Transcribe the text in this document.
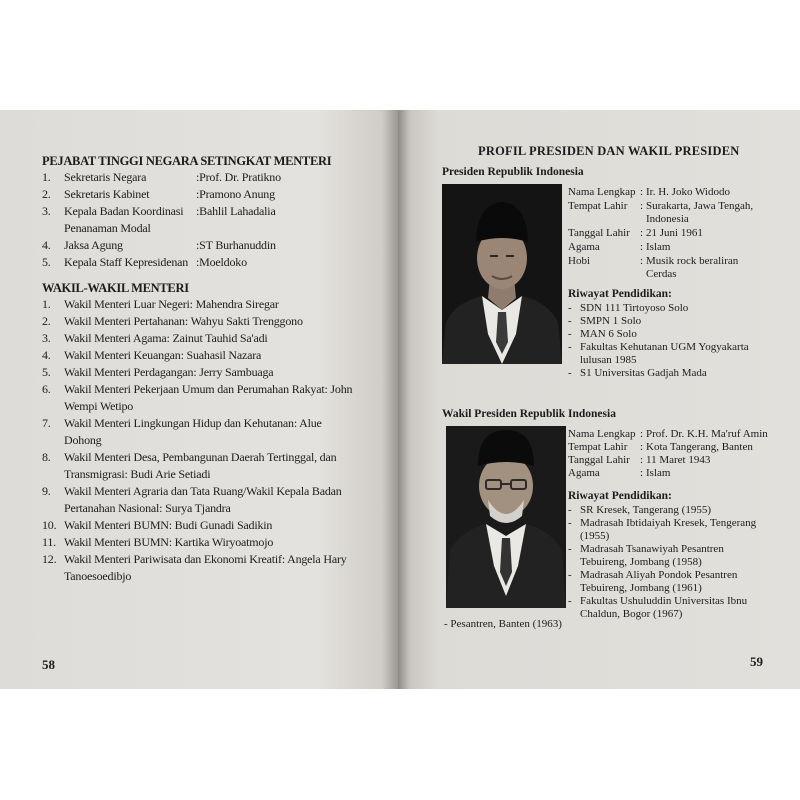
PEJABAT TINGGI NEGARA SETINGKAT MENTERI
1. Sekretaris Negara	:Prof. Dr. Pratikno
2. Sekretaris Kabinet	:Pramono Anung
3. Kepala Badan Koordinasi :Bahlil Lahadalia
Penanaman Modal
4. Jaksa Agung	:ST Burhanuddin
5. Kepala Staff Kepresidenan :Moeldoko
WAKIL-WAKIL MENTERI
1. Wakil Menteri Luar Negeri: Mahendra Siregar
2. Wakil Menteri Pertahanan: Wahyu Sakti Trenggono
3. Wakil Menteri Agama: Zainut Tauhid Sa'adi
4. Wakil Menteri Keuangan: Suahasil Nazara
5. Wakil Menteri Perdagangan: Jerry Sambuaga
6. Wakil Menteri Pekerjaan Umum dan Perumahan Rakyat: John
Wempi Wetipo
7. Wakil Menteri Lingkungan Hidup dan Kehutanan: Alue
Dohong
8. Wakil Menteri Desa, Pembangunan Daerah Tertinggal, dan
Transmigrasi: Budi Arie Setiadi
9. Wakil Menteri Agraria dan Tata Ruang/Wakil Kepala Badan
Pertanahan Nasional: Surya Tjandra
10. Wakil Menteri BUMN: Budi Gunadi Sadikin
11. Wakil Menteri BUMN: Kartika Wiryoatmojo
12. Wakil Menteri Pariwisata dan Ekonomi Kreatif: Angela Hary
Tanoesoedibjo
58
PROFIL PRESIDEN DAN WAKIL PRESIDEN
Presiden Republik Indonesia
Nama Lengkap : Ir. H. Joko Widodo
Tempat Lahir : Surakarta, Jawa Tengah,
Indonesia
Tanggal Lahir : 21 Juni 1961
Agama	: Islam
Hobi	: Musik rock beraliran
Cerdas
Riwayat Pendidikan:
- SDN 111 Tirtoyoso Solo
- SMPN 1 Solo
- MAN 6 Solo
- Fakultas Kehutanan UGM Yogyakarta
lulusan 1985
- S1 Universitas Gadjah Mada
Wakil Presiden Republik Indonesia
Nama Lengkap : Prof. Dr. K.H. Ma'ruf Amin
Tempat Lahir : Kota Tangerang, Banten
Tanggal Lahir : 11 Maret 1943
Agama	: Islam
Riwayat Pendidikan:
- SR Kresek, Tangerang (1955)
- Madrasah Ibtidaiyah Kresek, Tengerang
(1955)
- Madrasah Tsanawiyah Pesantren
Tebuireng, Jombang (1958)
- Madrasah Aliyah Pondok Pesantren
Tebuireng, Jombang (1961)
- Fakultas Ushuluddin Universitas Ibnu
Chaldun, Bogor (1967)
- Pesantren, Banten (1963)
59
